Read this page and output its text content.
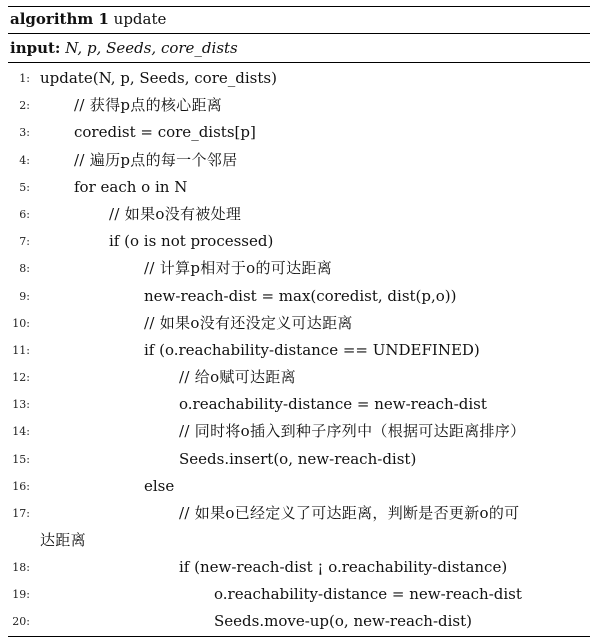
algorithm 1 update
input: N, p, Seeds, core_dists
1: update(N, p, Seeds, core_dists)
2:	// 获得p点的核心距离
3:	coredist = core_dists[p]
4:	// 遍历p点的每一个邻居
5:	for each o in N
6:	// 如果o没有被处理
7:	if (o is not processed)
8:	// 计算p相对于o的可达距离
9:	new-reach-dist = max(coredist, dist(p,o))
10:	// 如果o没有还没定义可达距离
11:	if (o.reachability-distance == UNDEFINED)
12:	// 给o赋可达距离
13:	o.reachability-distance = new-reach-dist
14:	// 同时将o插入到种子序列中（根据可达距离排序）
15:	Seeds.insert(o, new-reach-dist)
16:	else
17:	// 如果o已经定义了可达距离，判断是否更新o的可
达距离
18:	if (new-reach-dist ¡ o.reachability-distance)
19:	o.reachability-distance = new-reach-dist
20:	Seeds.move-up(o, new-reach-dist)
